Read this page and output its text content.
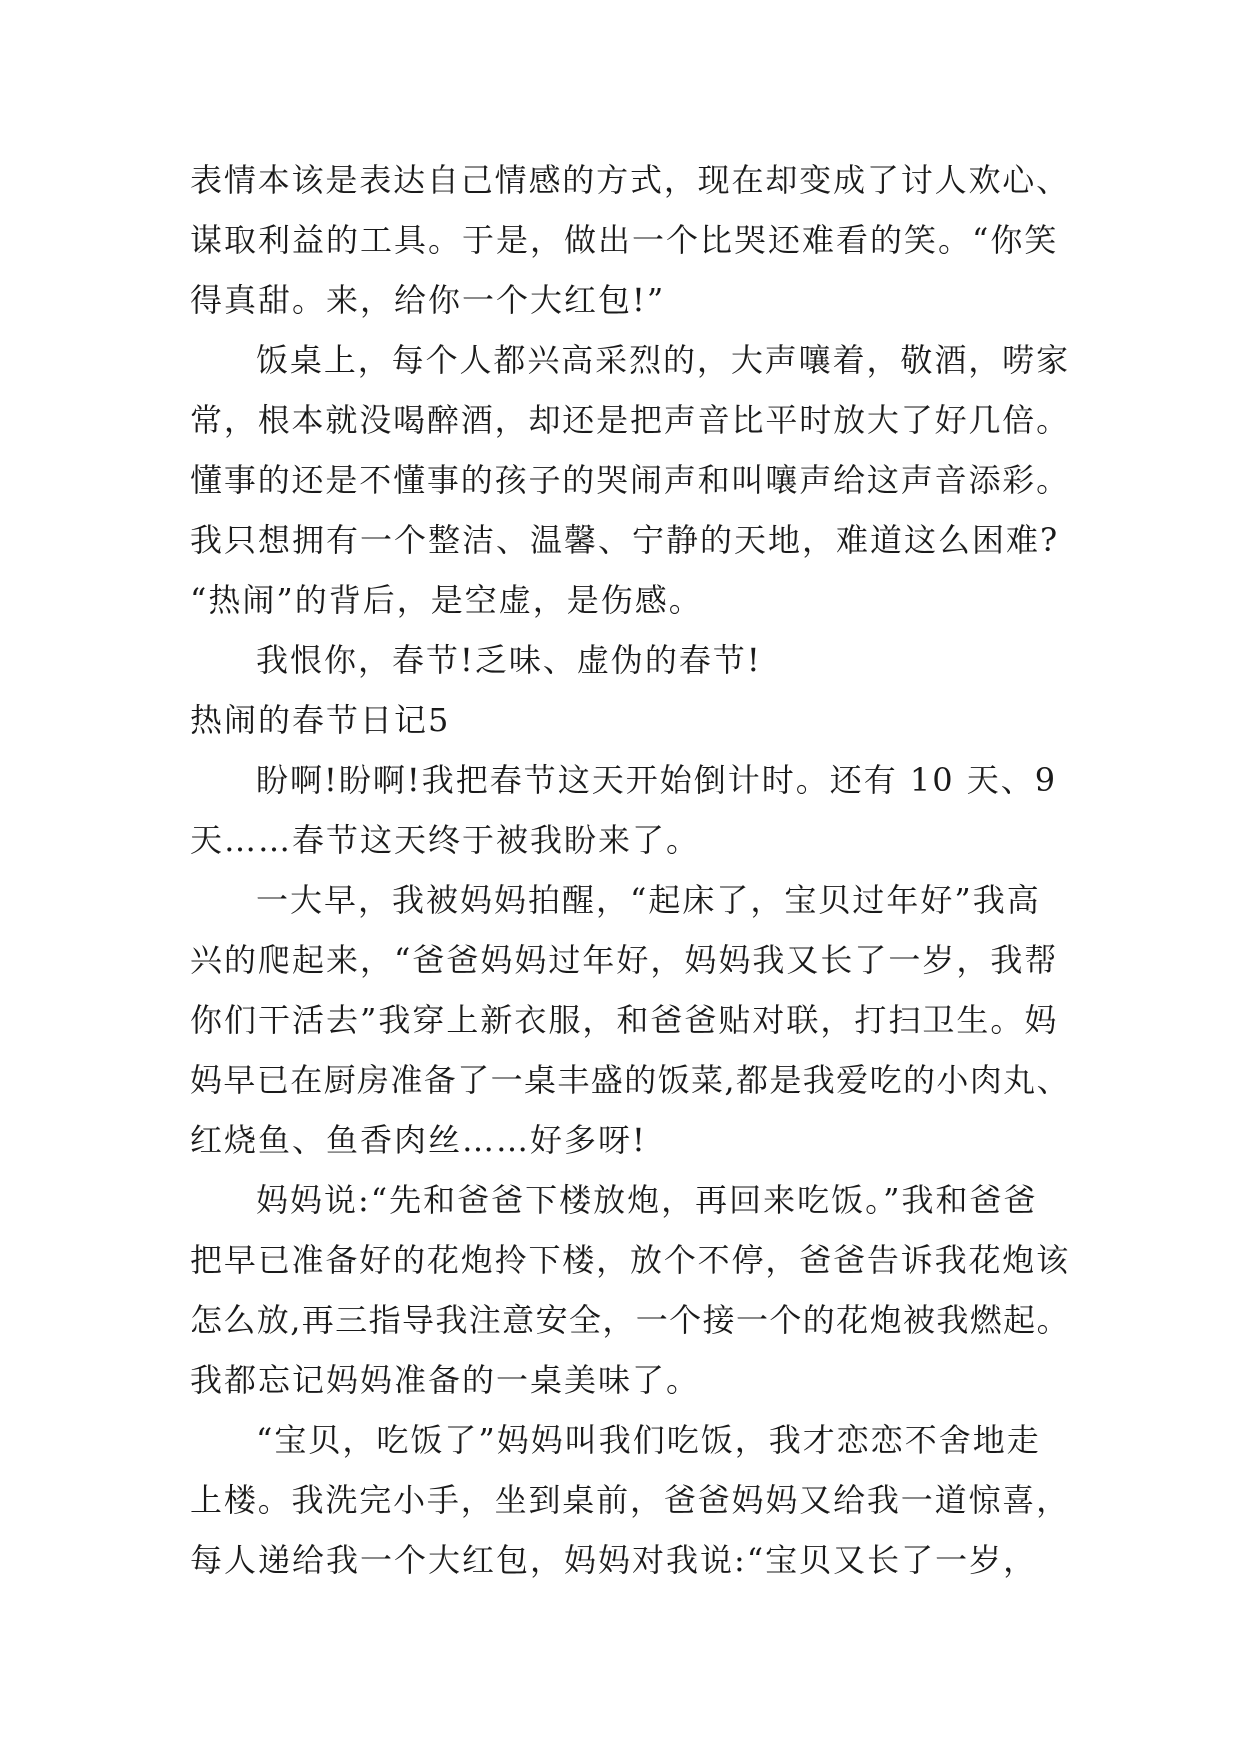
表情本该是表达自己情感的方式，现在却变成了讨人欢心、
谋取利益的工具。于是，做出一个比哭还难看的笑。“你笑
得真甜。来，给你一个大红包!”
饭桌上，每个人都兴高采烈的，大声嚷着，敬酒，唠家
常，根本就没喝醉酒，却还是把声音比平时放大了好几倍。
懂事的还是不懂事的孩子的哭闹声和叫嚷声给这声音添彩。
我只想拥有一个整洁、温馨、宁静的天地，难道这么困难?
“热闹”的背后，是空虚，是伤感。
我恨你，春节!乏味、虚伪的春节!
热闹的春节日记5
盼啊!盼啊!我把春节这天开始倒计时。还有 10 天、9
天……春节这天终于被我盼来了。
一大早，我被妈妈拍醒，“起床了，宝贝过年好”我高
兴的爬起来，“爸爸妈妈过年好，妈妈我又长了一岁，我帮
你们干活去”我穿上新衣服，和爸爸贴对联，打扫卫生。妈
妈早已在厨房准备了一桌丰盛的饭菜,都是我爱吃的小肉丸、
红烧鱼、鱼香肉丝……好多呀!
妈妈说:“先和爸爸下楼放炮，再回来吃饭。”我和爸爸
把早已准备好的花炮拎下楼，放个不停，爸爸告诉我花炮该
怎么放,再三指导我注意安全，一个接一个的花炮被我燃起。
我都忘记妈妈准备的一桌美味了。
“宝贝，吃饭了”妈妈叫我们吃饭，我才恋恋不舍地走
上楼。我洗完小手，坐到桌前，爸爸妈妈又给我一道惊喜，
每人递给我一个大红包，妈妈对我说:“宝贝又长了一岁，
